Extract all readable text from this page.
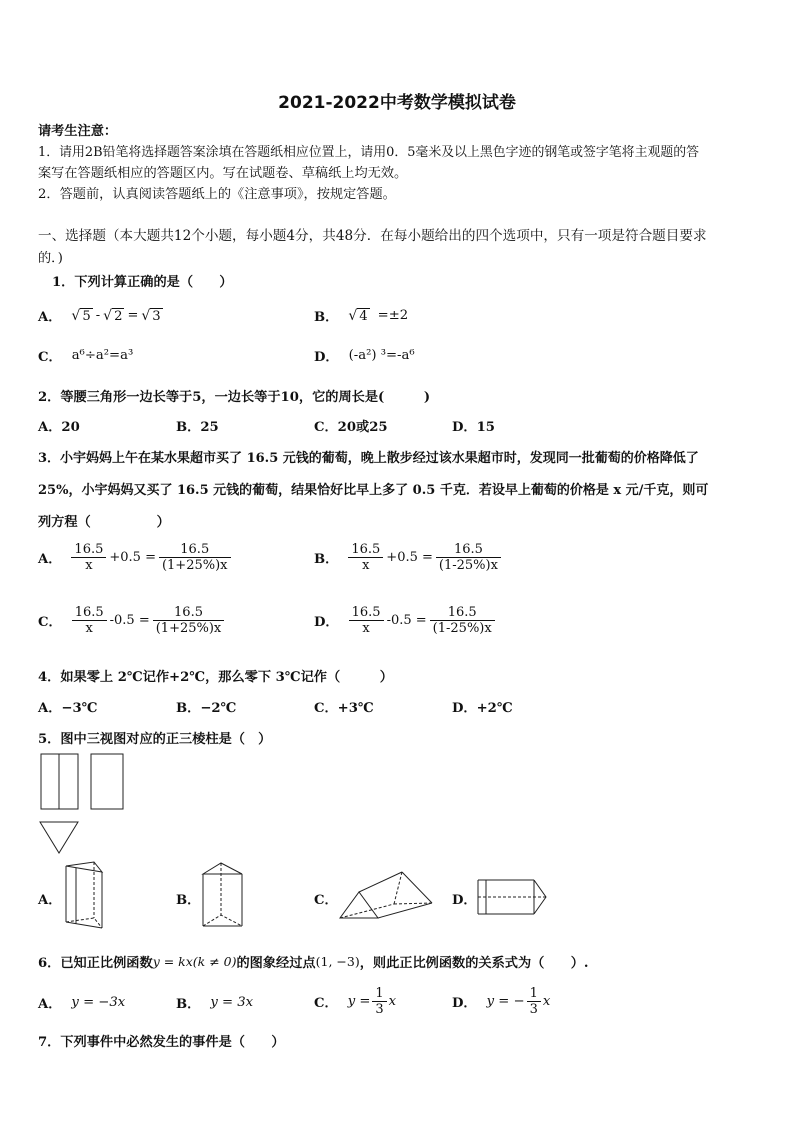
2021-2022中考数学模拟试卷
请考生注意：
1．请用2B铅笔将选择题答案涂填在答题纸相应位置上，请用0．5毫米及以上黑色字迹的钢笔或签字笔将主观题的答
案写在答题纸相应的答题区内。写在试题卷、草稿纸上均无效。
2．答题前，认真阅读答题纸上的《注意事项》，按规定答题。
一、选择题（本大题共12个小题，每小题4分，共48分．在每小题给出的四个选项中，只有一项是符合题目要求
的．)
1．下列计算正确的是（　　）
A． √ 5 - √ 2 = √ 3	B． √ 4 =±2
C． a⁶÷a²=a³	D． (-a²) ³=-a⁶
2．等腰三角形一边长等于5，一边长等于10，它的周长是(　　　)
A．20	B．25	C．20或25	D．15
3．小宇妈妈上午在某水果超市买了 16.5 元钱的葡萄，晚上散步经过该水果超市时，发现同一批葡萄的价格降低了
25%，小宇妈妈又买了 16.5 元钱的葡萄，结果恰好比早上多了 0.5 千克．若设早上葡萄的价格是 x 元/千克，则可
列方程（　　　　　）
A． $\frac{16.5}{x} +0.5 = \frac{16.5}{(1+25\%)x}$	B． $\frac{16.5}{x} +0.5 = \frac{16.5}{(1-25\%)x}$
C． $\frac{16.5}{x} -0.5 = \frac{16.5}{(1+25\%)x}$	D． $\frac{16.5}{x} -0.5 = \frac{16.5}{(1-25\%)x}$
4．如果零上 2℃记作+2℃，那么零下 3℃记作（　　　）
A．−3℃	B．−2℃	C．+3℃	D．+2℃
5．图中三视图对应的正三棱柱是（　）
A．	B．	C．	D．
6．已知正比例函数 y = kx(k ≠ 0) 的图象经过点 (1, −3) ，则此正比例函数的关系式为（　　）.
A． y = −3x	B． y = 3x	C． $y = \frac{1}{3}$ x	D． y = − $\frac{1}{3}$ x
7．下列事件中必然发生的事件是（　　）
